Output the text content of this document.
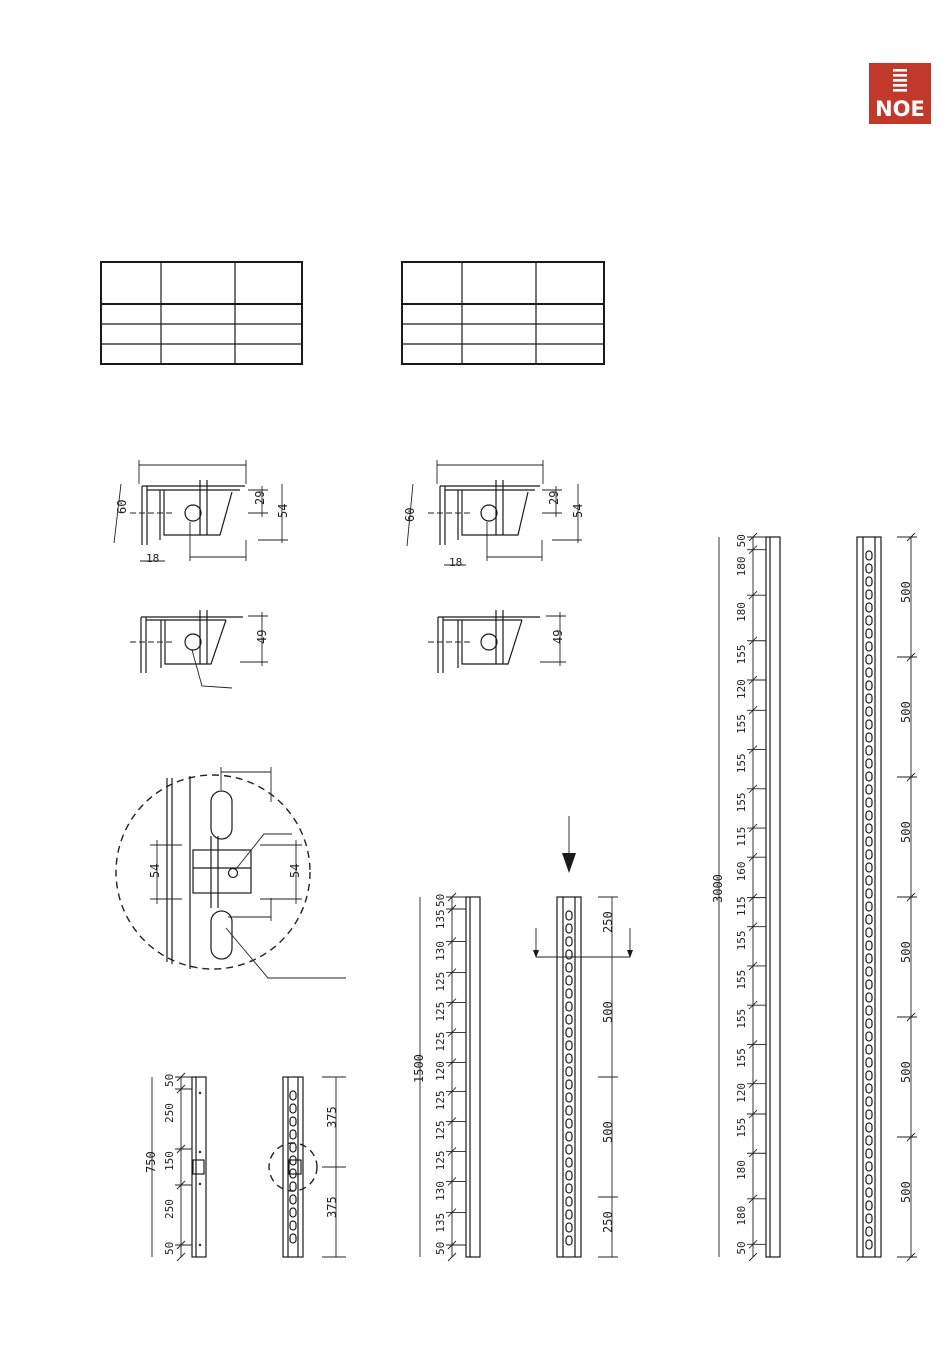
NOE
60
29
54
18
60
29
54
18
49	49
54	54
750
50
250
150
250
50
375
375
1500
50
135
130
125
125
125
120
125
125
125
130
135
50
250
500
500
250
3000
50
180
180
155
120
155
155
155
155
115
160
115
155
155
155
120
155
180
180
50
500
500
500
500
500
500
